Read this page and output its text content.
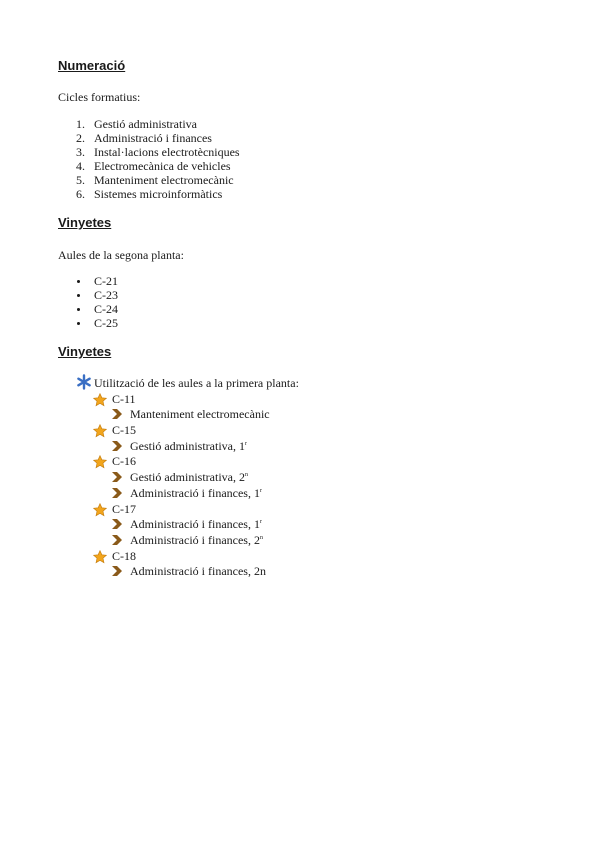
Numeració

Cicles formatius:

1. Gestió administrativa
2. Administració i finances
3. Instal·lacions electrotècniques
4. Electromecànica de vehicles
5. Manteniment electromecànic
6. Sistemes microinformàtics
Vinyetes

Aules de la segona planta:

C-21
C-23
C-24
C-25
Vinyetes
Utilització de les aules a la primera planta:
C-11
Manteniment electromecànic
C-15
Gestió administrativa, 1$^r$
C-16
Gestió administrativa, 2$^n$
Administració i finances, 1$^r$
C-17
Administració i finances, 1$^r$
Administració i finances, 2$^n$
C-18
Administració i finances, 2n
